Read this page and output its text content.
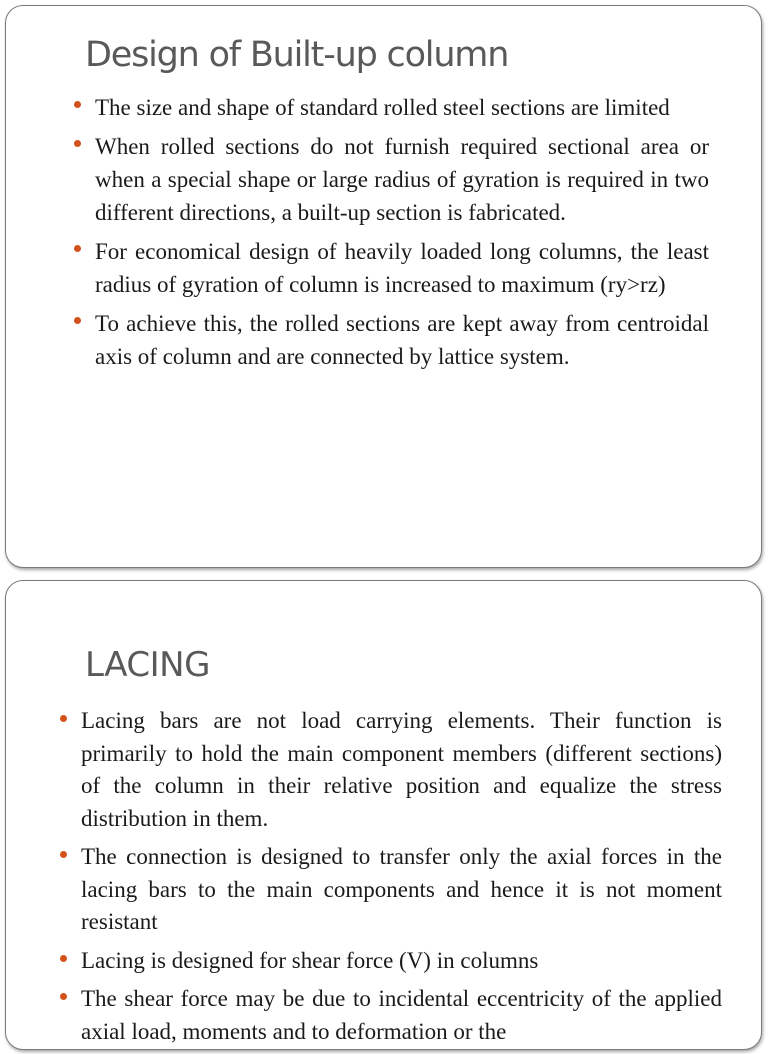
Design of Built-up column
The size and shape of standard rolled steel sections are limited
When rolled sections do not furnish required sectional area or when a special shape or large radius of gyration is required in two different directions, a built-up section is fabricated.
For economical design of heavily loaded long columns, the least radius of gyration of column is increased to maximum (ry>rz)
To achieve this, the rolled sections are kept away from centroidal axis of column and are connected by lattice system.
LACING
Lacing bars are not load carrying elements. Their function is primarily to hold the main component members (different sections) of the column in their relative position and equalize the stress distribution in them.
The connection is designed to transfer only the axial forces in the lacing bars to the main components and hence it is not moment resistant
Lacing is designed for shear force (V) in columns
The shear force may be due to incidental eccentricity of the applied axial load, moments and to deformation or the
